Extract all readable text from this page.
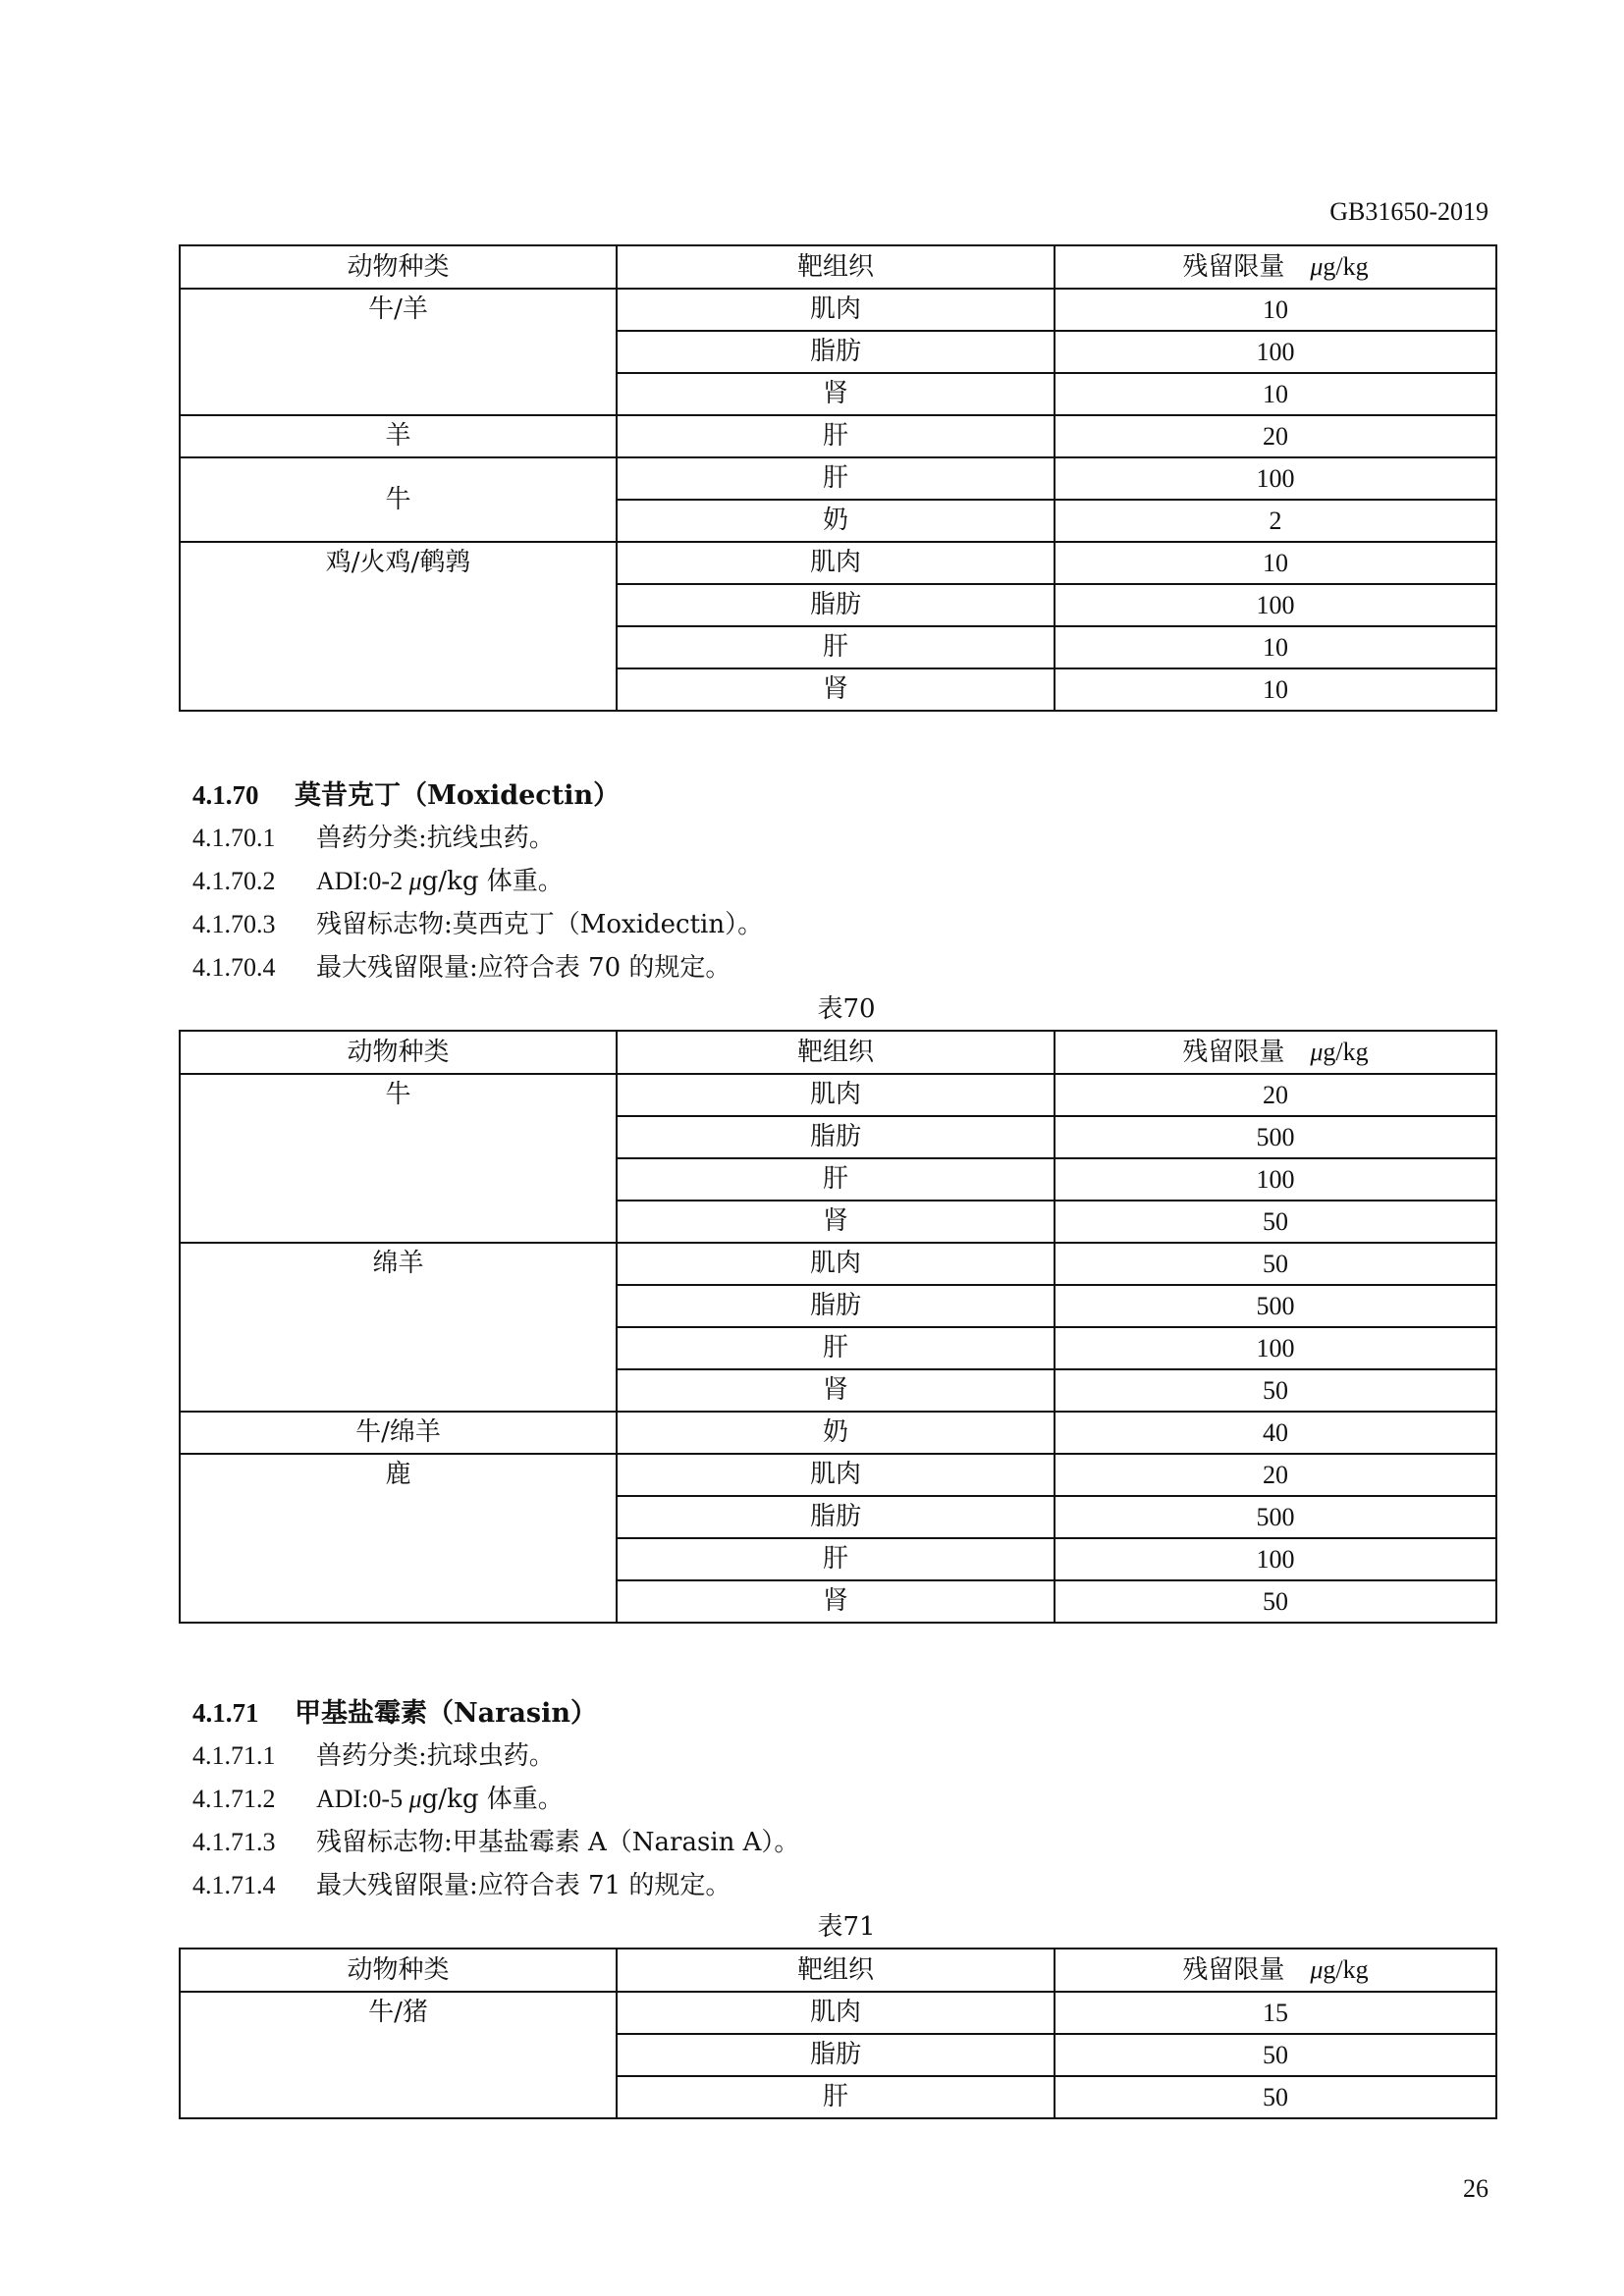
GB31650-2019
动物种类	靶组织	残留限量 μg/kg
牛/羊	肌肉	10
	脂肪	100
	肾	10
羊	肝	20
牛	肝	100
	奶	2
鸡/火鸡/鹌鹑	肌肉	10
	脂肪	100
	肝	10
	肾	10
4.1.70 莫昔克丁（Moxidectin）
4.1.70.1 兽药分类:抗线虫药。
4.1.70.2 ADI:0-2 μg/kg 体重。
4.1.70.3 残留标志物:莫西克丁（Moxidectin）。
4.1.70.4 最大残留限量:应符合表 70 的规定。
表70
动物种类	靶组织	残留限量 μg/kg
牛	肌肉	20
	脂肪	500
	肝	100
	肾	50
绵羊	肌肉	50
	脂肪	500
	肝	100
	肾	50
牛/绵羊	奶	40
鹿	肌肉	20
	脂肪	500
	肝	100
	肾	50
4.1.71 甲基盐霉素（Narasin）
4.1.71.1 兽药分类:抗球虫药。
4.1.71.2 ADI:0-5 μg/kg 体重。
4.1.71.3 残留标志物:甲基盐霉素 A（Narasin A）。
4.1.71.4 最大残留限量:应符合表 71 的规定。
表71
动物种类	靶组织	残留限量 μg/kg
牛/猪	肌肉	15
	脂肪	50
	肝	50
26
